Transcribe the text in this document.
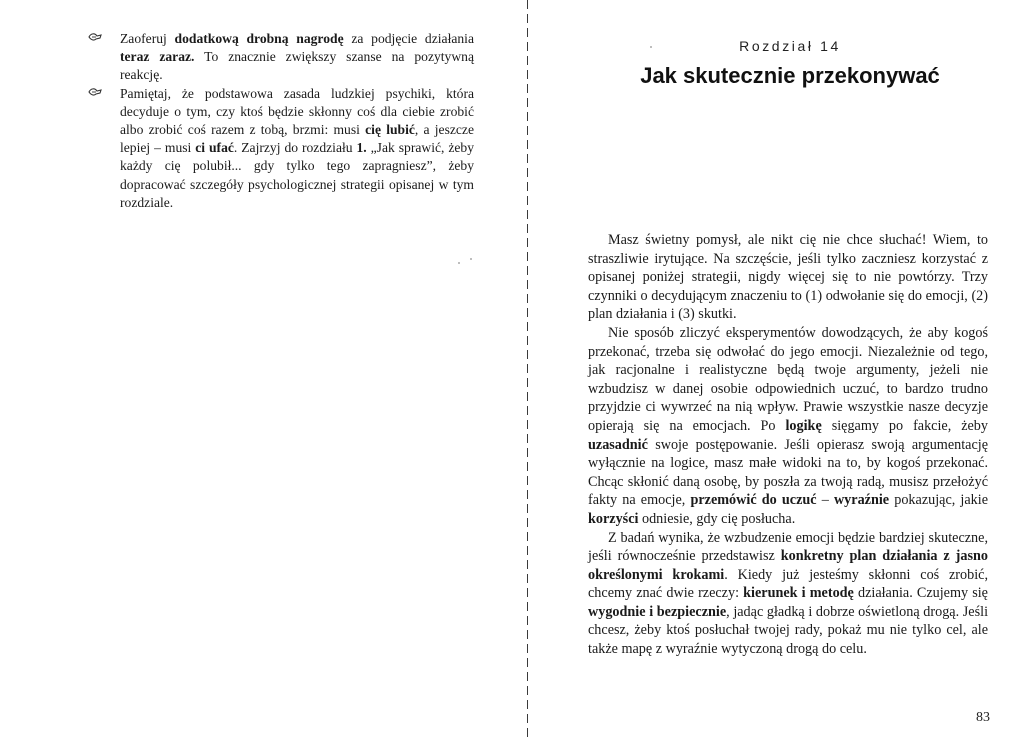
Zaoferuj dodatkową drobną nagrodę za podjęcie działania teraz zaraz. To znacznie zwiększy szanse na pozytywną reakcję.
Pamiętaj, że podstawowa zasada ludzkiej psychiki, która decyduje o tym, czy ktoś będzie skłonny coś dla ciebie zrobić albo zrobić coś razem z tobą, brzmi: musi cię lubić, a jeszcze lepiej – musi ci ufać. Zajrzyj do rozdziału 1. „Jak sprawić, żeby każdy cię polubił... gdy tylko tego zapragniesz”, żeby dopracować szczegóły psychologicznej strategii opisanej w tym rozdziale.
Rozdział 14
Jak skutecznie przekonywać

Masz świetny pomysł, ale nikt cię nie chce słuchać! Wiem, to straszliwie irytujące. Na szczęście, jeśli tylko zaczniesz korzystać z opisanej poniżej strategii, nigdy więcej się to nie powtórzy. Trzy czynniki o decydującym znaczeniu to (1) odwołanie się do emocji, (2) plan działania i (3) skutki.

Nie sposób zliczyć eksperymentów dowodzących, że aby kogoś przekonać, trzeba się odwołać do jego emocji. Niezależnie od tego, jak racjonalne i realistyczne będą twoje argumenty, jeżeli nie wzbudzisz w danej osobie odpowiednich uczuć, to bardzo trudno przyjdzie ci wywrzeć na nią wpływ. Prawie wszystkie nasze decyzje opierają się na emocjach. Po logikę sięgamy po fakcie, żeby uzasadnić swoje postępowanie. Jeśli opierasz swoją argumentację wyłącznie na logice, masz małe widoki na to, by kogoś przekonać. Chcąc skłonić daną osobę, by poszła za twoją radą, musisz przełożyć fakty na emocje, przemówić do uczuć – wyraźnie pokazując, jakie korzyści odniesie, gdy cię posłucha.

Z badań wynika, że wzbudzenie emocji będzie bardziej skuteczne, jeśli równocześnie przedstawisz konkretny plan działania z jasno określonymi krokami. Kiedy już jesteśmy skłonni coś zrobić, chcemy znać dwie rzeczy: kierunek i metodę działania. Czujemy się wygodnie i bezpiecznie, jadąc gładką i dobrze oświetloną drogą. Jeśli chcesz, żeby ktoś posłuchał twojej rady, pokaż mu nie tylko cel, ale także mapę z wyraźnie wytyczoną drogą do celu.

83
